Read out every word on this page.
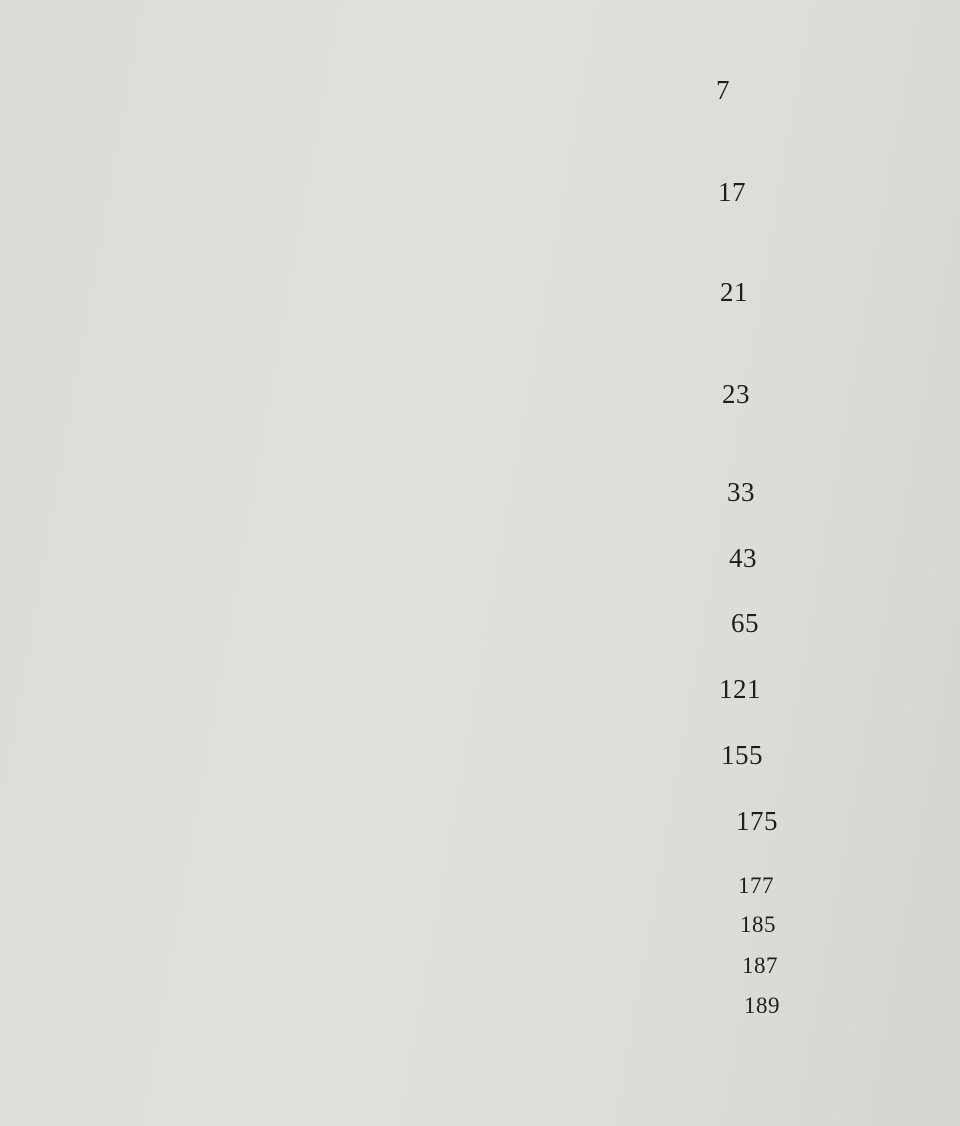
7
17
21
23
33
43
65
121
155
175
177
185
187
189
